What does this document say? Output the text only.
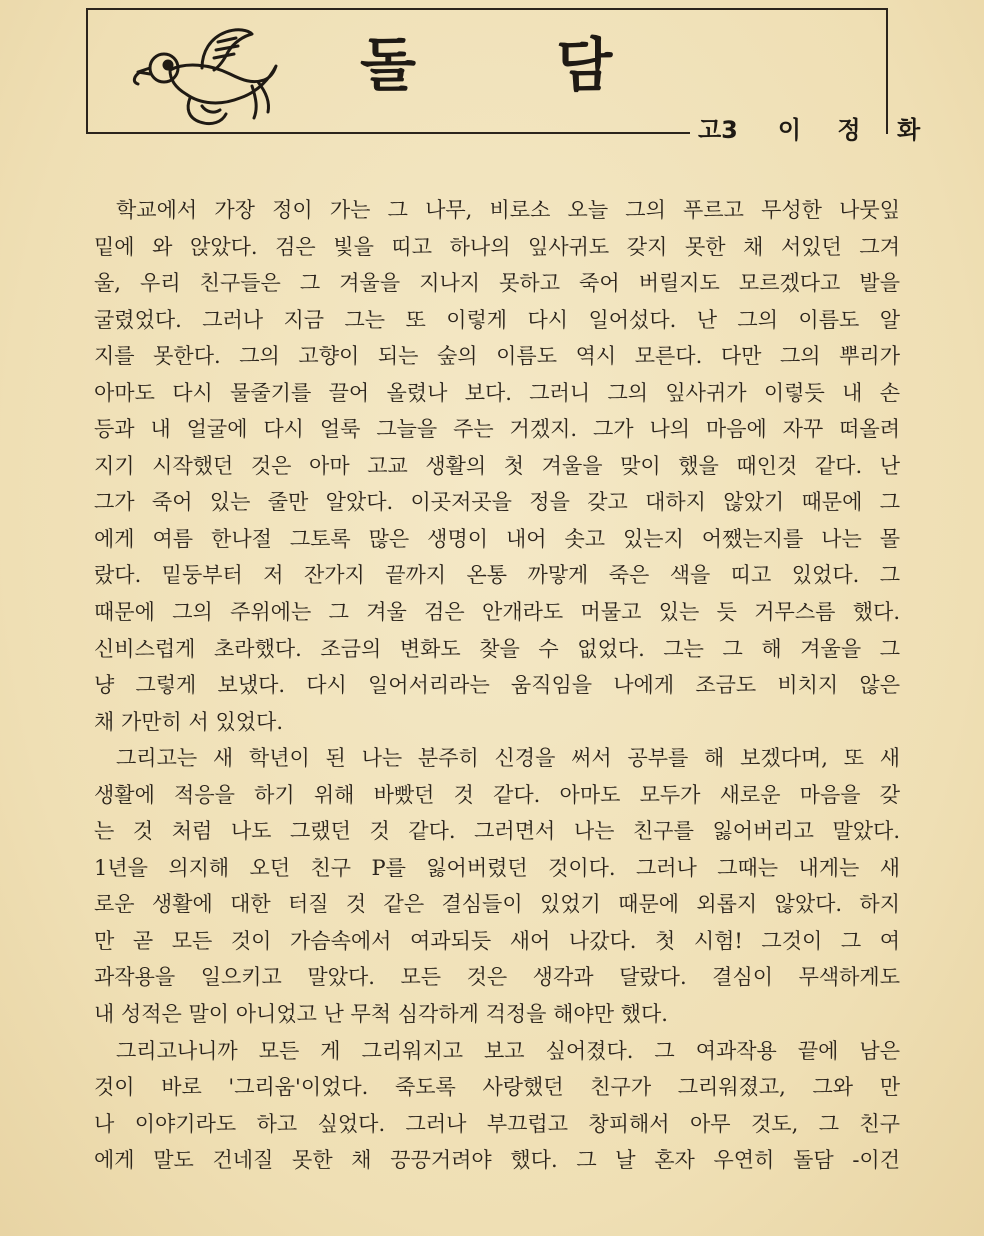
돌 담
고3 이 정 화
학교에서 가장 정이 가는 그 나무, 비로소 오늘 그의 푸르고 무성한 나뭇잎
밑에 와 앉았다. 검은 빛을 띠고 하나의 잎사귀도 갖지 못한 채 서있던 그겨
울, 우리 친구들은 그 겨울을 지나지 못하고 죽어 버릴지도 모르겠다고 발을
굴렸었다. 그러나 지금 그는 또 이렇게 다시 일어섰다. 난 그의 이름도 알
지를 못한다. 그의 고향이 되는 숲의 이름도 역시 모른다. 다만 그의 뿌리가
아마도 다시 물줄기를 끌어 올렸나 보다. 그러니 그의 잎사귀가 이렇듯 내 손
등과 내 얼굴에 다시 얼룩 그늘을 주는 거겠지. 그가 나의 마음에 자꾸 떠올려
지기 시작했던 것은 아마 고교 생활의 첫 겨울을 맞이 했을 때인것 같다. 난
그가 죽어 있는 줄만 알았다. 이곳저곳을 정을 갖고 대하지 않았기 때문에 그
에게 여름 한나절 그토록 많은 생명이 내어 솟고 있는지 어쨌는지를 나는 몰
랐다. 밑둥부터 저 잔가지 끝까지 온통 까맣게 죽은 색을 띠고 있었다. 그
때문에 그의 주위에는 그 겨울 검은 안개라도 머물고 있는 듯 거무스름 했다.
신비스럽게 초라했다. 조금의 변화도 찾을 수 없었다. 그는 그 해 겨울을 그
냥 그렇게 보냈다. 다시 일어서리라는 움직임을 나에게 조금도 비치지 않은
채 가만히 서 있었다.
그리고는 새 학년이 된 나는 분주히 신경을 써서 공부를 해 보겠다며, 또 새
생활에 적응을 하기 위해 바빴던 것 같다. 아마도 모두가 새로운 마음을 갖
는 것 처럼 나도 그랬던 것 같다. 그러면서 나는 친구를 잃어버리고 말았다.
1년을 의지해 오던 친구 P를 잃어버렸던 것이다. 그러나 그때는 내게는 새
로운 생활에 대한 터질 것 같은 결심들이 있었기 때문에 외롭지 않았다. 하지
만 곧 모든 것이 가슴속에서 여과되듯 새어 나갔다. 첫 시험! 그것이 그 여
과작용을 일으키고 말았다. 모든 것은 생각과 달랐다. 결심이 무색하게도
내 성적은 말이 아니었고 난 무척 심각하게 걱정을 해야만 했다.
그리고나니까 모든 게 그리워지고 보고 싶어졌다. 그 여과작용 끝에 남은
것이 바로 '그리움'이었다. 죽도록 사랑했던 친구가 그리워졌고, 그와 만
나 이야기라도 하고 싶었다. 그러나 부끄럽고 창피해서 아무 것도, 그 친구
에게 말도 건네질 못한 채 끙끙거려야 했다. 그 날 혼자 우연히 돌담 -이건
